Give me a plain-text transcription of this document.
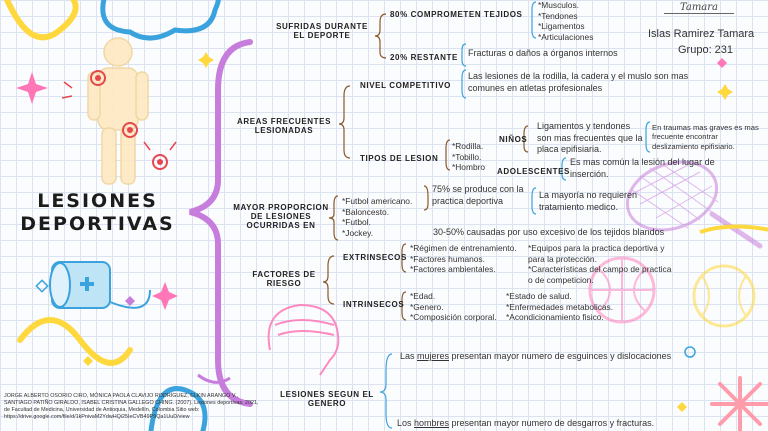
LESIONES DEPORTIVAS
Tamara
Islas Ramirez Tamara
Grupo: 231
SUFRIDAS DURANTE EL DEPORTE
80% COMPROMETEN TEJIDOS
*Musculos.
*Tendones
*Ligamentos
*Articulaciones
20% RESTANTE Fracturas o daños a órganos internos
AREAS FRECUENTES LESIONADAS
NIVEL COMPETITIVO
Las lesiones de la rodilla, la cadera y el muslo son mas comunes en atletas profesionales
TIPOS DE LESION
*Rodilla.
*Tobillo.
*Hombro
NIÑOS
Ligamentos y tendones son mas frecuentes que la placa epifisiaria.
En traumas mas graves es mas frecuente encontrar deslizamiento epifisiario.
ADOLESCENTES
Es mas común la lesión del lugar de inserción.
MAYOR PROPORCION DE LESIONES OCURRIDAS EN
*Futbol americano.
*Baloncesto.
*Futbol.
*Jockey.
75% se produce con la practica deportiva
La mayoría no requieren tratamiento medico.
30-50% causadas por uso excesivo de los tejidos blandos
FACTORES DE RIESGO
EXTRINSECOS
*Régimen de entrenamiento.
*Factores humanos.
*Factores ambientales.
*Equipos para la practica deportiva y para la protección.
*Características del campo de practica o de competicion.
INTRINSECOS
*Edad.
*Genero.
*Composición corporal.
*Estado de salud.
*Enfermedades metabolicas.
*Acondicionamiento fisico.
LESIONES SEGUN EL GENERO
Las mujeres presentan mayor numero de esguinces y dislocaciones
Los hombres presentan mayor numero de desgarros y fracturas.
JORGE ALBERTO OSORIO CIRO, MÓNICA PAOLA CLAVIJO RODRÍGUEZ, ELKIN ARANGO V., SANTIAGO PATIÑO GIRALDO, ISABEL CRISTINA GALLEGO CHING. (2007). Lesiones deportivas. 2021, de Facultad de Medicina, Universidad de Antioquia, Medellín, Colombia Sitio web: https://drive.google.com/file/d/1kPnivaM2YdwHQi25IeCVB49P9Qa1UuD/view
